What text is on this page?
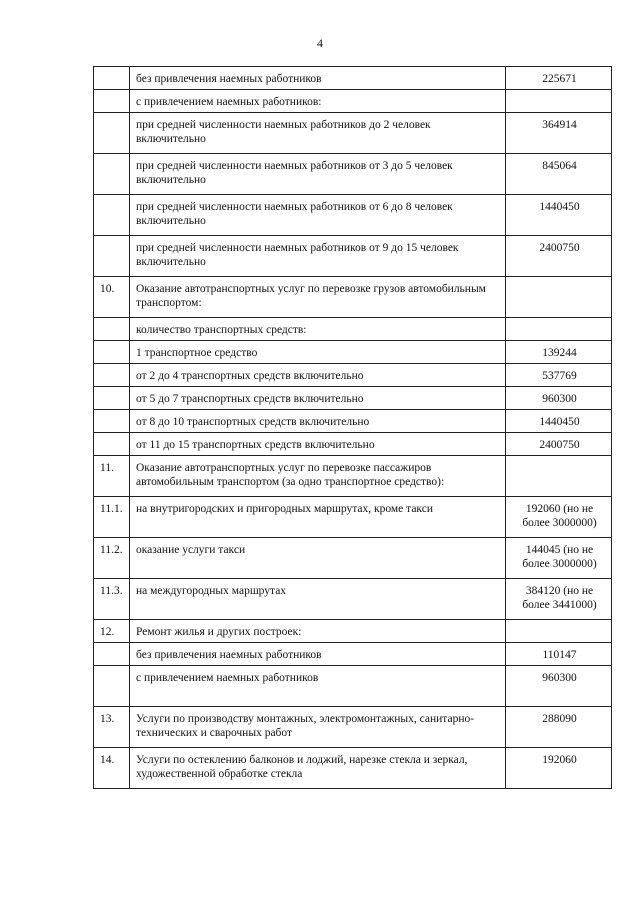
4
	без привлечения наемных работников	225671
	с привлечением наемных работников:	
	при средней численности наемных работников до 2 человек включительно	364914
	при средней численности наемных работников от 3 до 5 человек включительно	845064
	при средней численности наемных работников от 6 до 8 человек включительно	1440450
	при средней численности наемных работников от 9 до 15 человек включительно	2400750
10.	Оказание автотранспортных услуг по перевозке грузов автомобильным транспортом:	
	количество транспортных средств:	
	1 транспортное средство	139244
	от 2 до 4 транспортных средств включительно	537769
	от 5 до 7 транспортных средств включительно	960300
	от 8 до 10 транспортных средств включительно	1440450
	от 11 до 15 транспортных средств включительно	2400750
11.	Оказание автотранспортных услуг по перевозке пассажиров автомобильным транспортом (за одно транспортное средство):	
11.1.	на внутригородских и пригородных маршрутах, кроме такси	192060 (но не более 3000000)
11.2.	оказание услуги такси	144045 (но не более 3000000)
11.3.	на междугородных маршрутах	384120 (но не более 3441000)
12.	Ремонт жилья и других построек:	
	без привлечения наемных работников	110147
	с привлечением наемных работников	960300
13.	Услуги по производству монтажных, электромонтажных, санитарно-технических и сварочных работ	288090
14.	Услуги по остеклению балконов и лоджий, нарезке стекла и зеркал, художественной обработке стекла	192060
